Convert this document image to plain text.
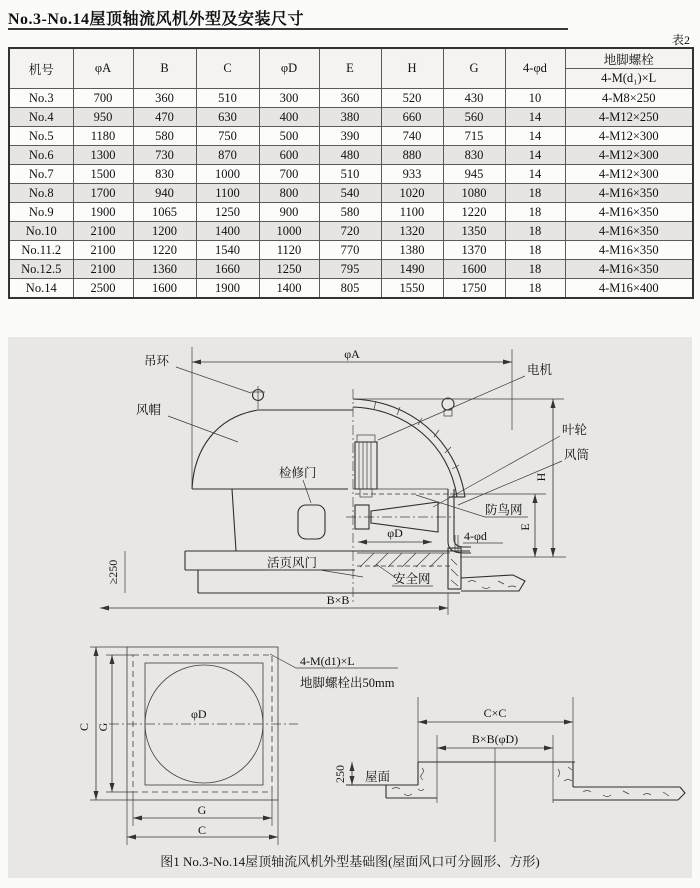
No.3-No.14屋顶轴流风机外型及安装尺寸
表2
机号	φA	B	C	φD	E	H	G	4-φd	地脚螺栓
									4-M(d₁)×L
No.3	700	360	510	300	360	520	430	10	4-M8×250
No.4	950	470	630	400	380	660	560	14	4-M12×250
No.5	1180	580	750	500	390	740	715	14	4-M12×300
No.6	1300	730	870	600	480	880	830	14	4-M12×300
No.7	1500	830	1000	700	510	933	945	14	4-M12×300
No.8	1700	940	1100	800	540	1020	1080	18	4-M16×350
No.9	1900	1065	1250	900	580	1100	1220	18	4-M16×350
No.10	2100	1200	1400	1000	720	1320	1350	18	4-M16×350
No.11.2	2100	1220	1540	1120	770	1380	1370	18	4-M16×350
No.12.5	2100	1360	1660	1250	795	1490	1600	18	4-M16×350
No.14	2500	1600	1900	1400	805	1550	1750	18	4-M16×400
φA
≥250
B×B
φD	4-φd
E
H
吊环
风帽
电机
叶轮
风筒
检修门
防鸟网
活页风门
安全网
φD
C G
G
C
4-M(d1)×L
地脚螺栓出50mm
C×C
B×B(φD)
屋面
250
图1 No.3-No.14屋顶轴流风机外型基础图(屋面风口可分圆形、方形)
